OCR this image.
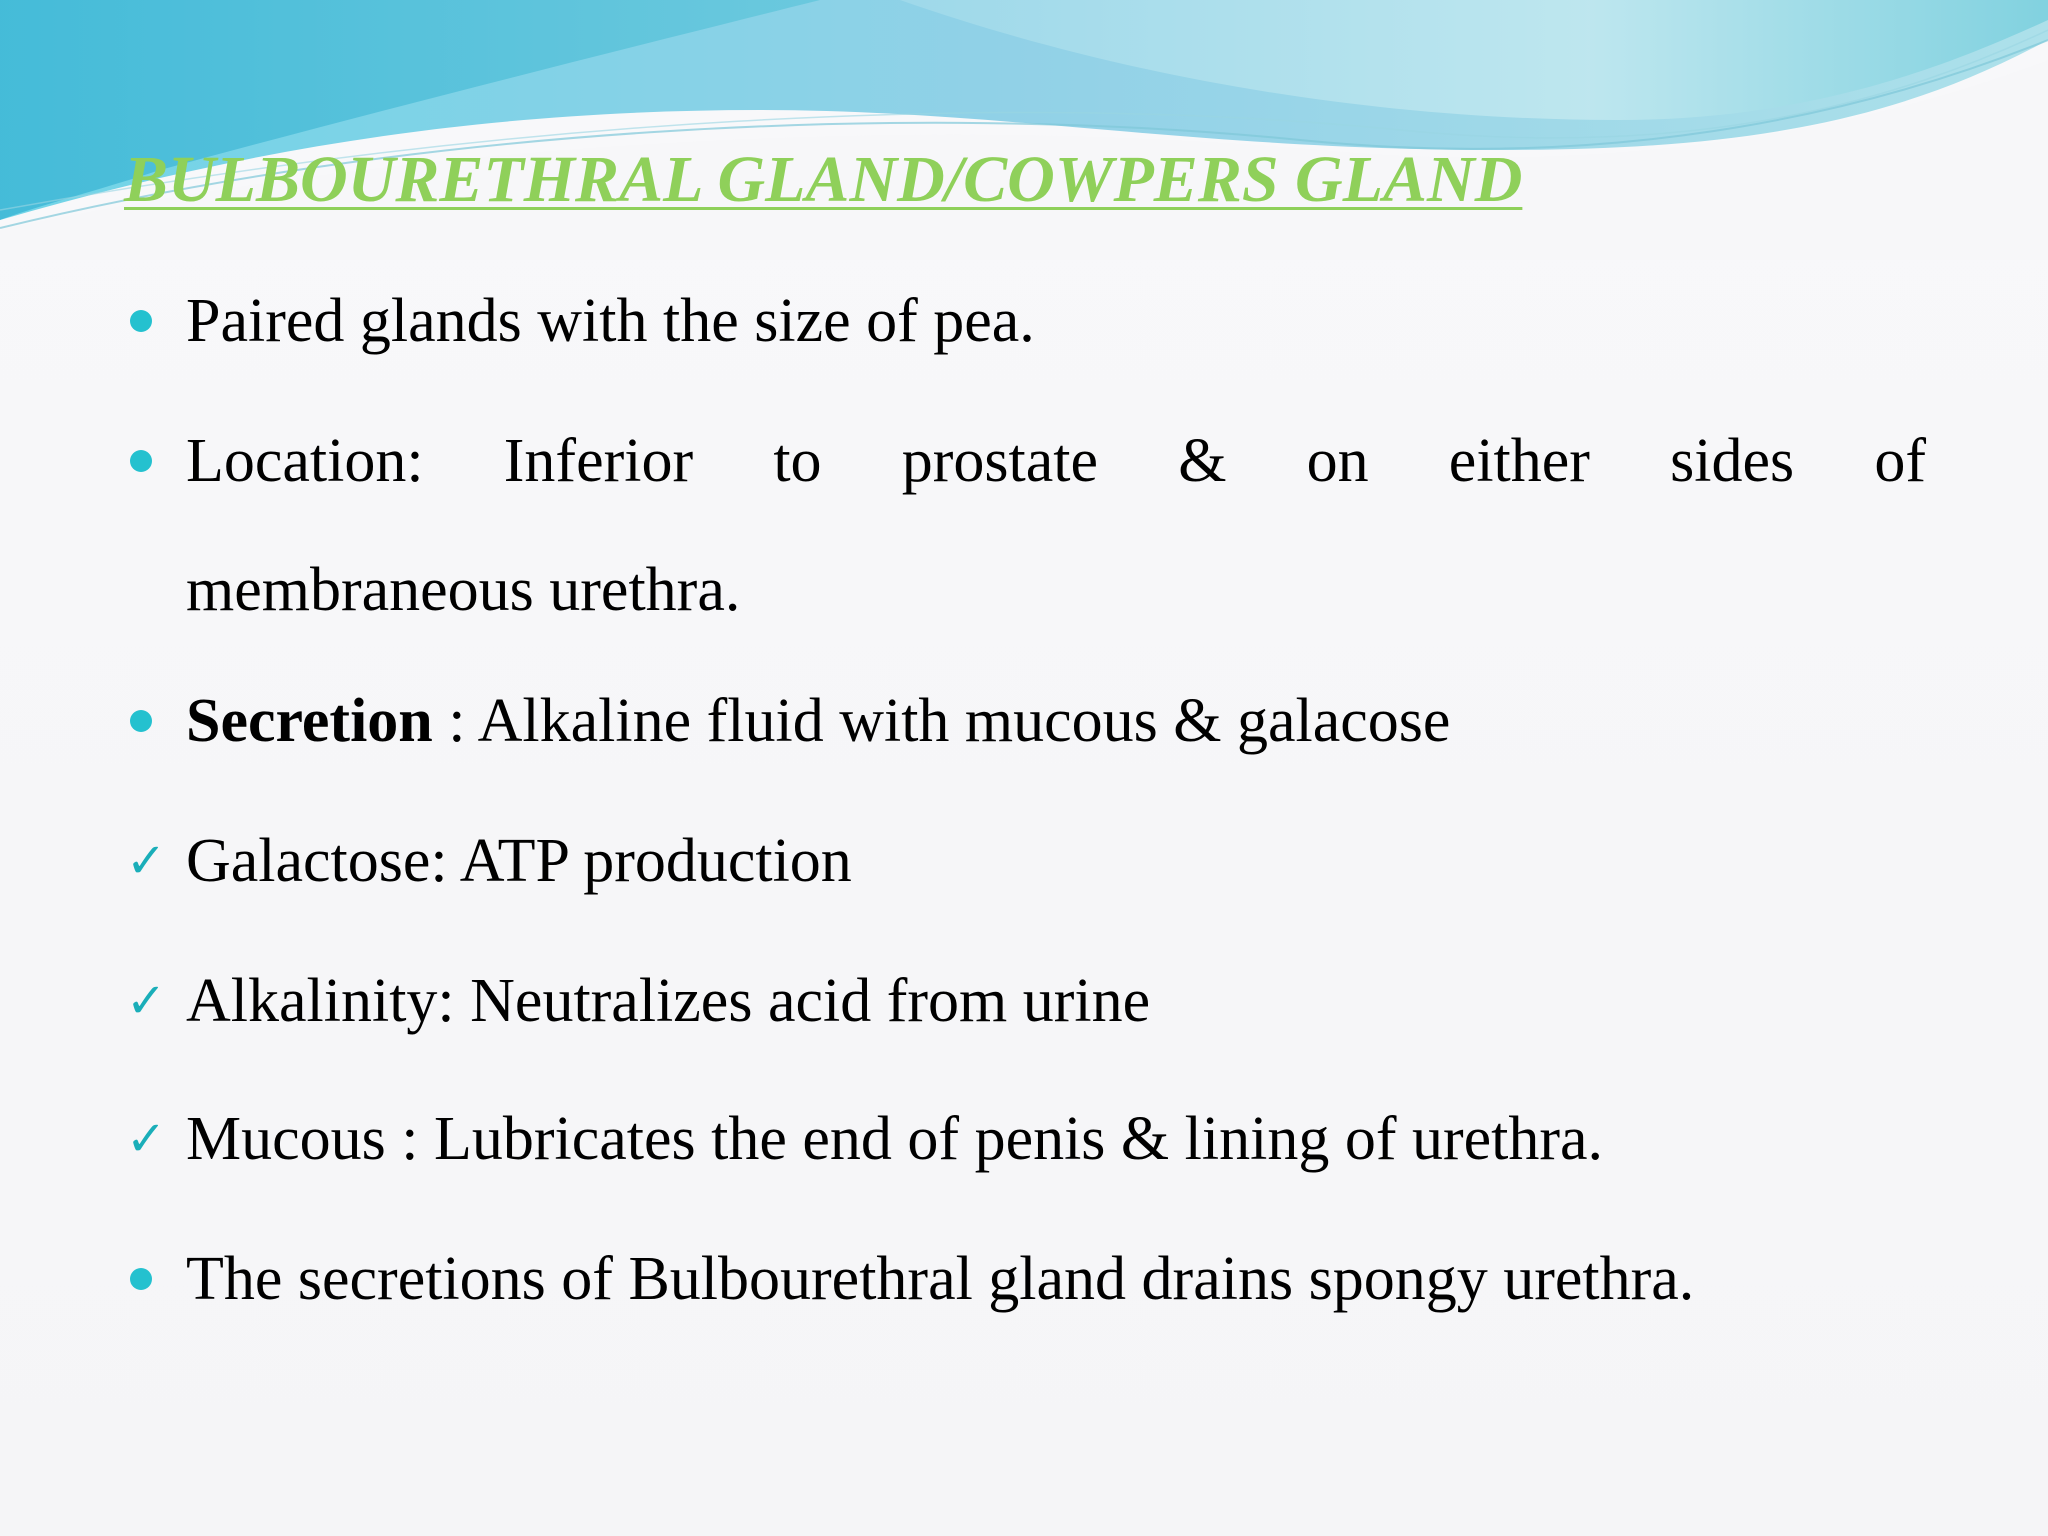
BULBOURETHRAL GLAND/COWPERS GLAND
Paired glands with the size of pea.
Location: Inferior to prostate & on either sides of
membraneous urethra.
Secretion : Alkaline fluid with mucous & galacose
✓ Galactose: ATP production
✓ Alkalinity: Neutralizes acid from urine
✓ Mucous : Lubricates the end of penis & lining of urethra.
The secretions of Bulbourethral gland drains spongy urethra.
